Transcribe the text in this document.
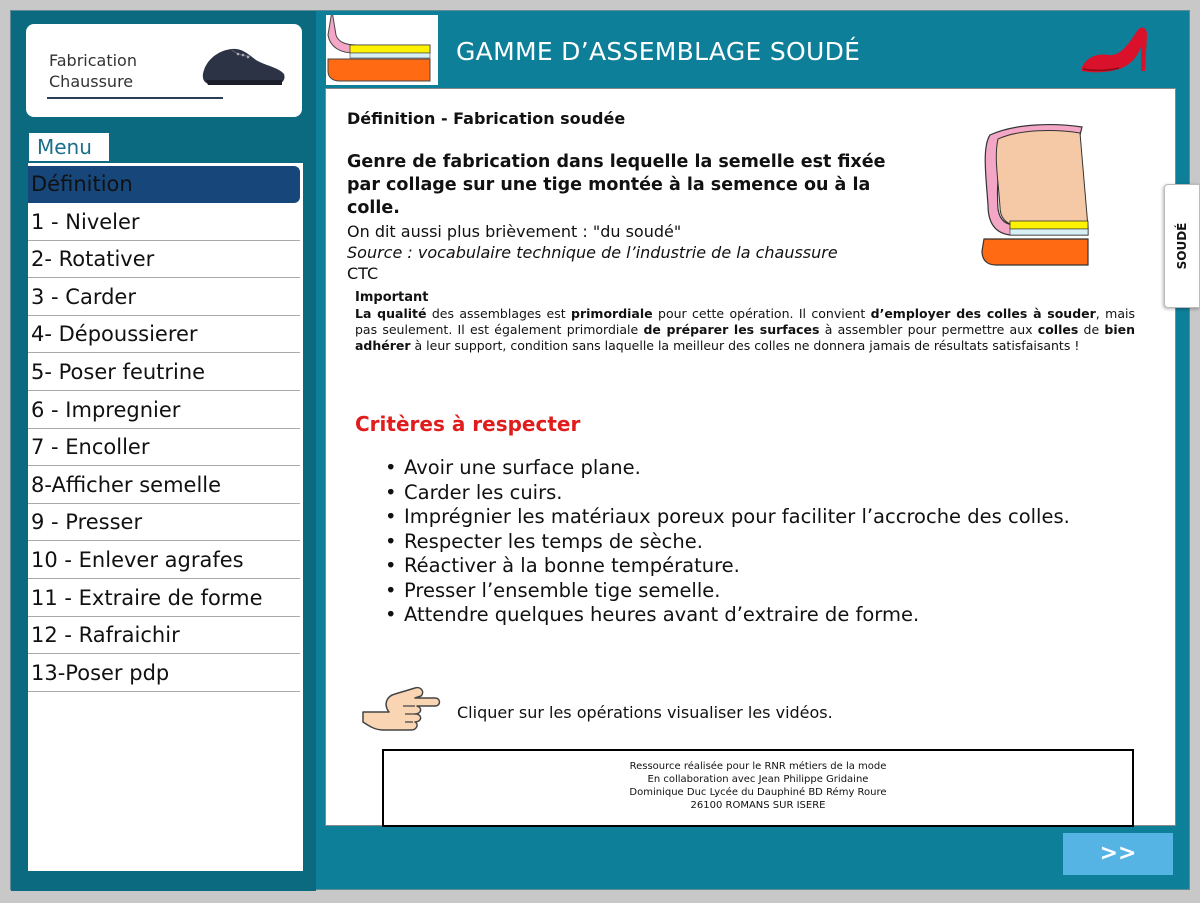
Fabrication
Chaussure
Menu
Définition
1 - Niveler
2- Rotativer
3 - Carder
4- Dépoussierer
5- Poser feutrine
6 - Impregnier
7 - Encoller
8-Afficher semelle
9 - Presser
10 - Enlever agrafes
11 - Extraire de forme
12 - Rafraichir
13-Poser pdp
GAMME D’ASSEMBLAGE SOUDÉ
Définition - Fabrication soudée
Genre de fabrication dans lequelle la semelle est fixée
par collage sur une tige montée à la semence ou à la
colle.
On dit aussi plus brièvement : "du soudé"
Source : vocabulaire technique de l’industrie de la chaussure
CTC
Important
La qualité des assemblages est primordiale pour cette opération. Il convient d’employer des colles à souder, mais pas seulement. Il est également primordiale de préparer les surfaces à assembler pour permettre aux colles de bien adhérer à leur support, condition sans laquelle la meilleur des colles ne donnera jamais de résultats satisfaisants !
Critères à respecter
• Avoir une surface plane.
• Carder les cuirs.
• Imprégnier les matériaux poreux pour faciliter l’accroche des colles.
• Respecter les temps de sèche.
• Réactiver à la bonne température.
• Presser l’ensemble tige semelle.
• Attendre quelques heures avant d’extraire de forme.
Cliquer sur les opérations visualiser les vidéos.
Ressource réalisée pour le RNR métiers de la mode
En collaboration avec Jean Philippe Gridaine
Dominique Duc Lycée du Dauphiné BD Rémy Roure
26100 ROMANS SUR ISERE
SOUDÉ
>>
